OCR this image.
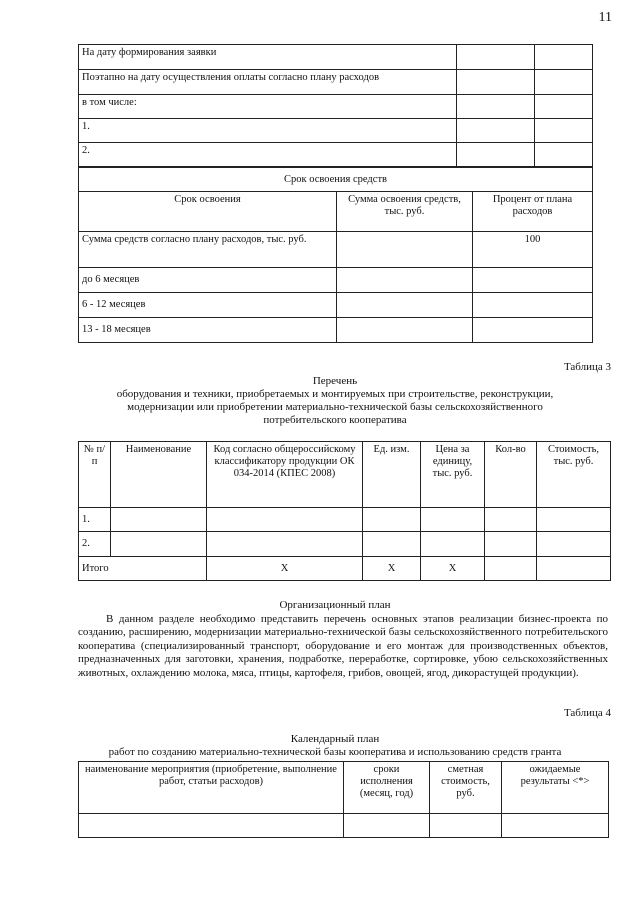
11
На дату формирования заявки		
Поэтапно на дату осуществления оплаты согласно плану расходов		
в том числе:		
1.		
2.		
Срок освоения средств		
Срок освоения	Сумма освоения средств, тыс. руб.	Процент от плана расходов
Сумма средств согласно плану расходов, тыс. руб.		100
до 6 месяцев		
6 - 12 месяцев		
13 - 18 месяцев		
Таблица 3
Перечень
оборудования и техники, приобретаемых и монтируемых при строительстве, реконструкции,
модернизации или приобретении материально-технической базы сельскохозяйственного
потребительского кооператива
№ п/п	Наименование	Код согласно общероссийскому классификатору продукции ОК 034-2014 (КПЕС 2008)	Ед. изм.	Цена за единицу, тыс. руб.	Кол-во	Стоимость, тыс. руб.
1.						
2.						
Итого		Х	Х	Х		
Организационный план
В данном разделе необходимо представить перечень основных этапов реализации бизнес-проекта по созданию, расширению, модернизации материально-технической базы сельскохозяйственного потребительского кооператива (специализированный транспорт, оборудование и его монтаж для производственных объектов, предназначенных для заготовки, хранения, подработке, переработке, сортировке, убою сельскохозяйственных животных, охлаждению молока, мяса, птицы, картофеля, грибов, овощей, ягод, дикорастущей продукции).
Таблица 4
Календарный план
работ по созданию материально-технической базы кооператива и использованию средств гранта
наименование мероприятия (приобретение, выполнение работ, статьи расходов)	сроки исполнения (месяц, год)	сметная стоимость, руб.	ожидаемые результаты <*>
